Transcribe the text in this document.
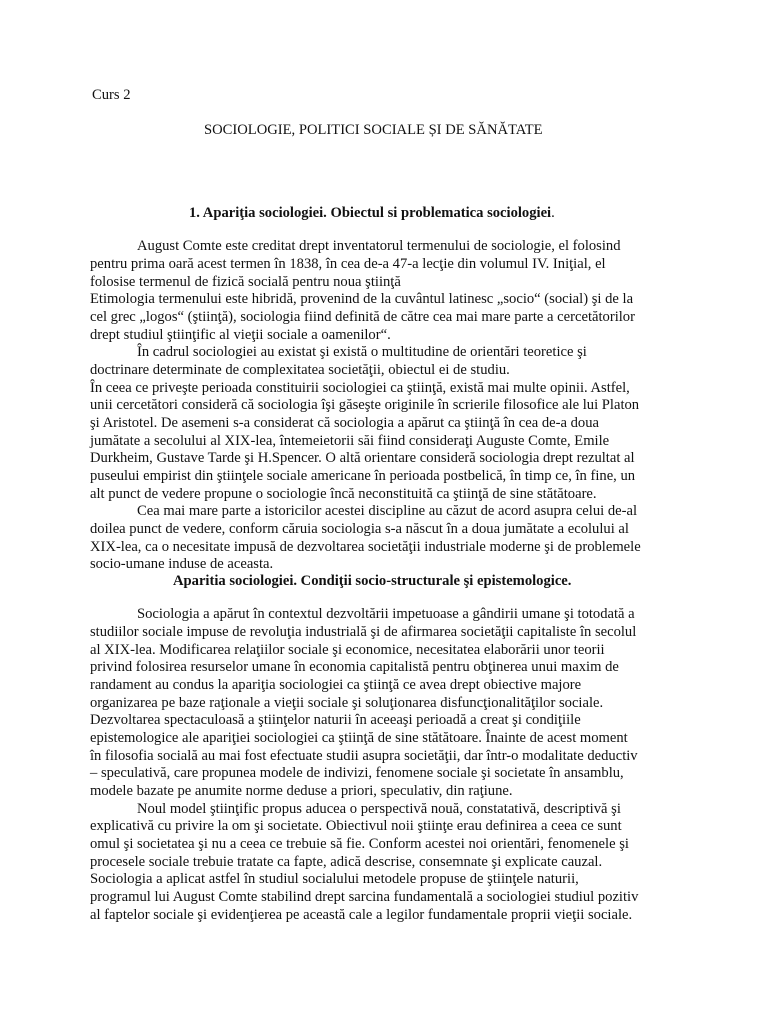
Curs 2
SOCIOLOGIE, POLITICI SOCIALE ȘI DE SĂNĂTATE
1. Apariţia sociologiei. Obiectul si problematica sociologiei.
August Comte este creditat drept inventatorul termenului de sociologie, el folosind
pentru prima oară acest termen în 1838, în cea de-a 47-a lecţie din volumul IV. Iniţial, el
folosise termenul de fizică socială pentru noua ştiinţă
Etimologia termenului este hibridă, provenind de la cuvântul latinesc „socio“ (social) şi de la
cel grec „logos“ (ştiinţă), sociologia fiind definită de către cea mai mare parte a cercetătorilor
drept studiul ştiinţific al vieţii sociale a oamenilor“.
În cadrul sociologiei au existat şi există o multitudine de orientări teoretice şi
doctrinare determinate de complexitatea societăţii, obiectul ei de studiu.
În ceea ce priveşte perioada constituirii sociologiei ca ştiinţă, există mai multe opinii. Astfel,
unii cercetători consideră că sociologia îşi găseşte originile în scrierile filosofice ale lui Platon
şi Aristotel. De asemeni s-a considerat că sociologia a apărut ca ştiinţă în cea de-a doua
jumătate a secolului al XIX-lea, întemeietorii săi fiind consideraţi Auguste Comte, Emile
Durkheim, Gustave Tarde şi H.Spencer. O altă orientare consideră sociologia drept rezultat al
puseului empirist din ştiinţele sociale americane în perioada postbelică, în timp ce, în fine, un
alt punct de vedere propune o sociologie încă neconstituită ca ştiinţă de sine stătătoare.
Cea mai mare parte a istoricilor acestei discipline au căzut de acord asupra celui de-al
doilea punct de vedere, conform căruia sociologia s-a născut în a doua jumătate a ecolului al
XIX-lea, ca o necesitate impusă de dezvoltarea societăţii industriale moderne şi de problemele
socio-umane induse de aceasta.
Aparitia sociologiei. Condiţii socio-structurale şi epistemologice.
Sociologia a apărut în contextul dezvoltării impetuoase a gândirii umane şi totodată a
studiilor sociale impuse de revoluţia industrială şi de afirmarea societăţii capitaliste în secolul
al XIX-lea. Modificarea relaţiilor sociale şi economice, necesitatea elaborării unor teorii
privind folosirea resurselor umane în economia capitalistă pentru obţinerea unui maxim de
randament au condus la apariţia sociologiei ca ştiinţă ce avea drept obiective majore
organizarea pe baze raţionale a vieţii sociale şi soluţionarea disfuncţionalităţilor sociale.
Dezvoltarea spectaculoasă a ştiinţelor naturii în aceeaşi perioadă a creat şi condiţiile
epistemologice ale apariţiei sociologiei ca ştiinţă de sine stătătoare. Înainte de acest moment
în filosofia socială au mai fost efectuate studii asupra societăţii, dar într-o modalitate deductiv
– speculativă, care propunea modele de indivizi, fenomene sociale şi societate în ansamblu,
modele bazate pe anumite norme deduse a priori, speculativ, din raţiune.
Noul model ştiinţific propus aducea o perspectivă nouă, constatativă, descriptivă şi
explicativă cu privire la om şi societate. Obiectivul noii ştiinţe erau definirea a ceea ce sunt
omul şi societatea şi nu a ceea ce trebuie să fie. Conform acestei noi orientări, fenomenele şi
procesele sociale trebuie tratate ca fapte, adică descrise, consemnate şi explicate cauzal.
Sociologia a aplicat astfel în studiul socialului metodele propuse de ştiinţele naturii,
programul lui August Comte stabilind drept sarcina fundamentală a sociologiei studiul pozitiv
al faptelor sociale şi evidenţierea pe această cale a legilor fundamentale proprii vieţii sociale.
